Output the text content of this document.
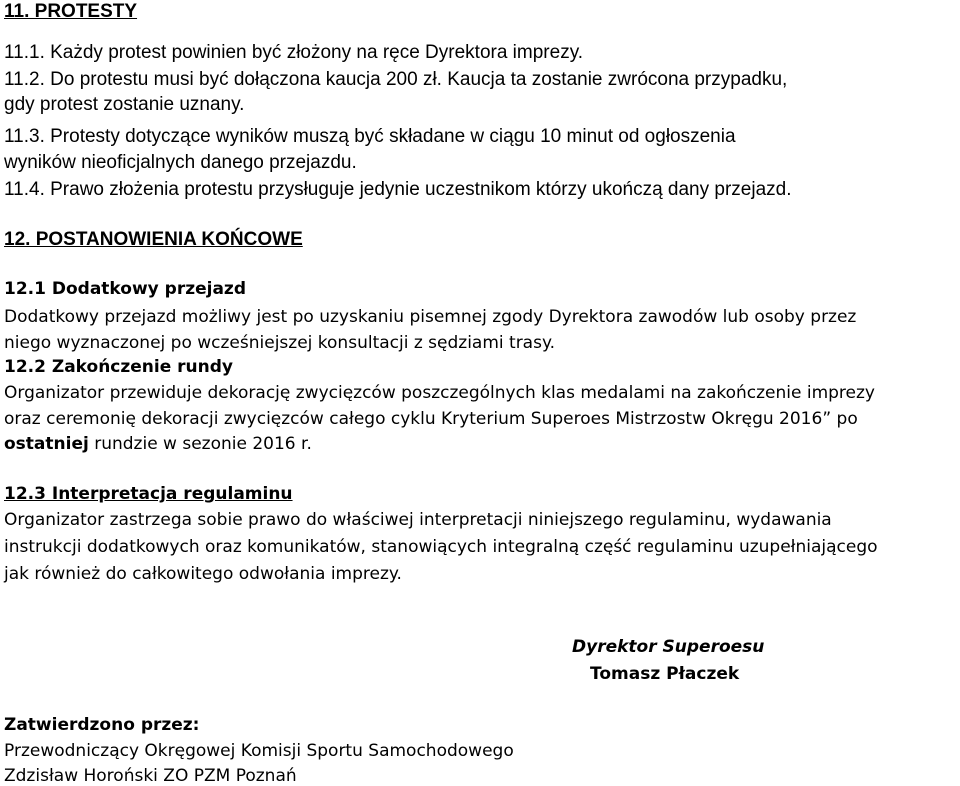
11. PROTESTY
11.1. Każdy protest powinien być złożony na ręce Dyrektora imprezy.
11.2. Do protestu musi być dołączona kaucja 200 zł. Kaucja ta zostanie zwrócona przypadku,
gdy protest zostanie uznany.
11.3. Protesty dotyczące wyników muszą być składane w ciągu 10 minut od ogłoszenia
wyników nieoficjalnych danego przejazdu.
11.4. Prawo złożenia protestu przysługuje jedynie uczestnikom którzy ukończą dany przejazd.
12. POSTANOWIENIA KOŃCOWE
12.1 Dodatkowy przejazd
Dodatkowy przejazd możliwy jest po uzyskaniu pisemnej zgody Dyrektora zawodów lub osoby przez
niego wyznaczonej po wcześniejszej konsultacji z sędziami trasy.
12.2 Zakończenie rundy
Organizator przewiduje dekorację zwycięzców poszczególnych klas medalami na zakończenie imprezy
oraz ceremonię dekoracji zwycięzców całego cyklu Kryterium Superoes Mistrzostw Okręgu 2016” po
ostatniej rundzie w sezonie 2016 r.
12.3 Interpretacja regulaminu
Organizator zastrzega sobie prawo do właściwej interpretacji niniejszego regulaminu, wydawania
instrukcji dodatkowych oraz komunikatów, stanowiących integralną część regulaminu uzupełniającego
jak również do całkowitego odwołania imprezy.
Dyrektor Superoesu
Tomasz Płaczek
Zatwierdzono przez:
Przewodniczący Okręgowej Komisji Sportu Samochodowego
Zdzisław Horoński ZO PZM Poznań
